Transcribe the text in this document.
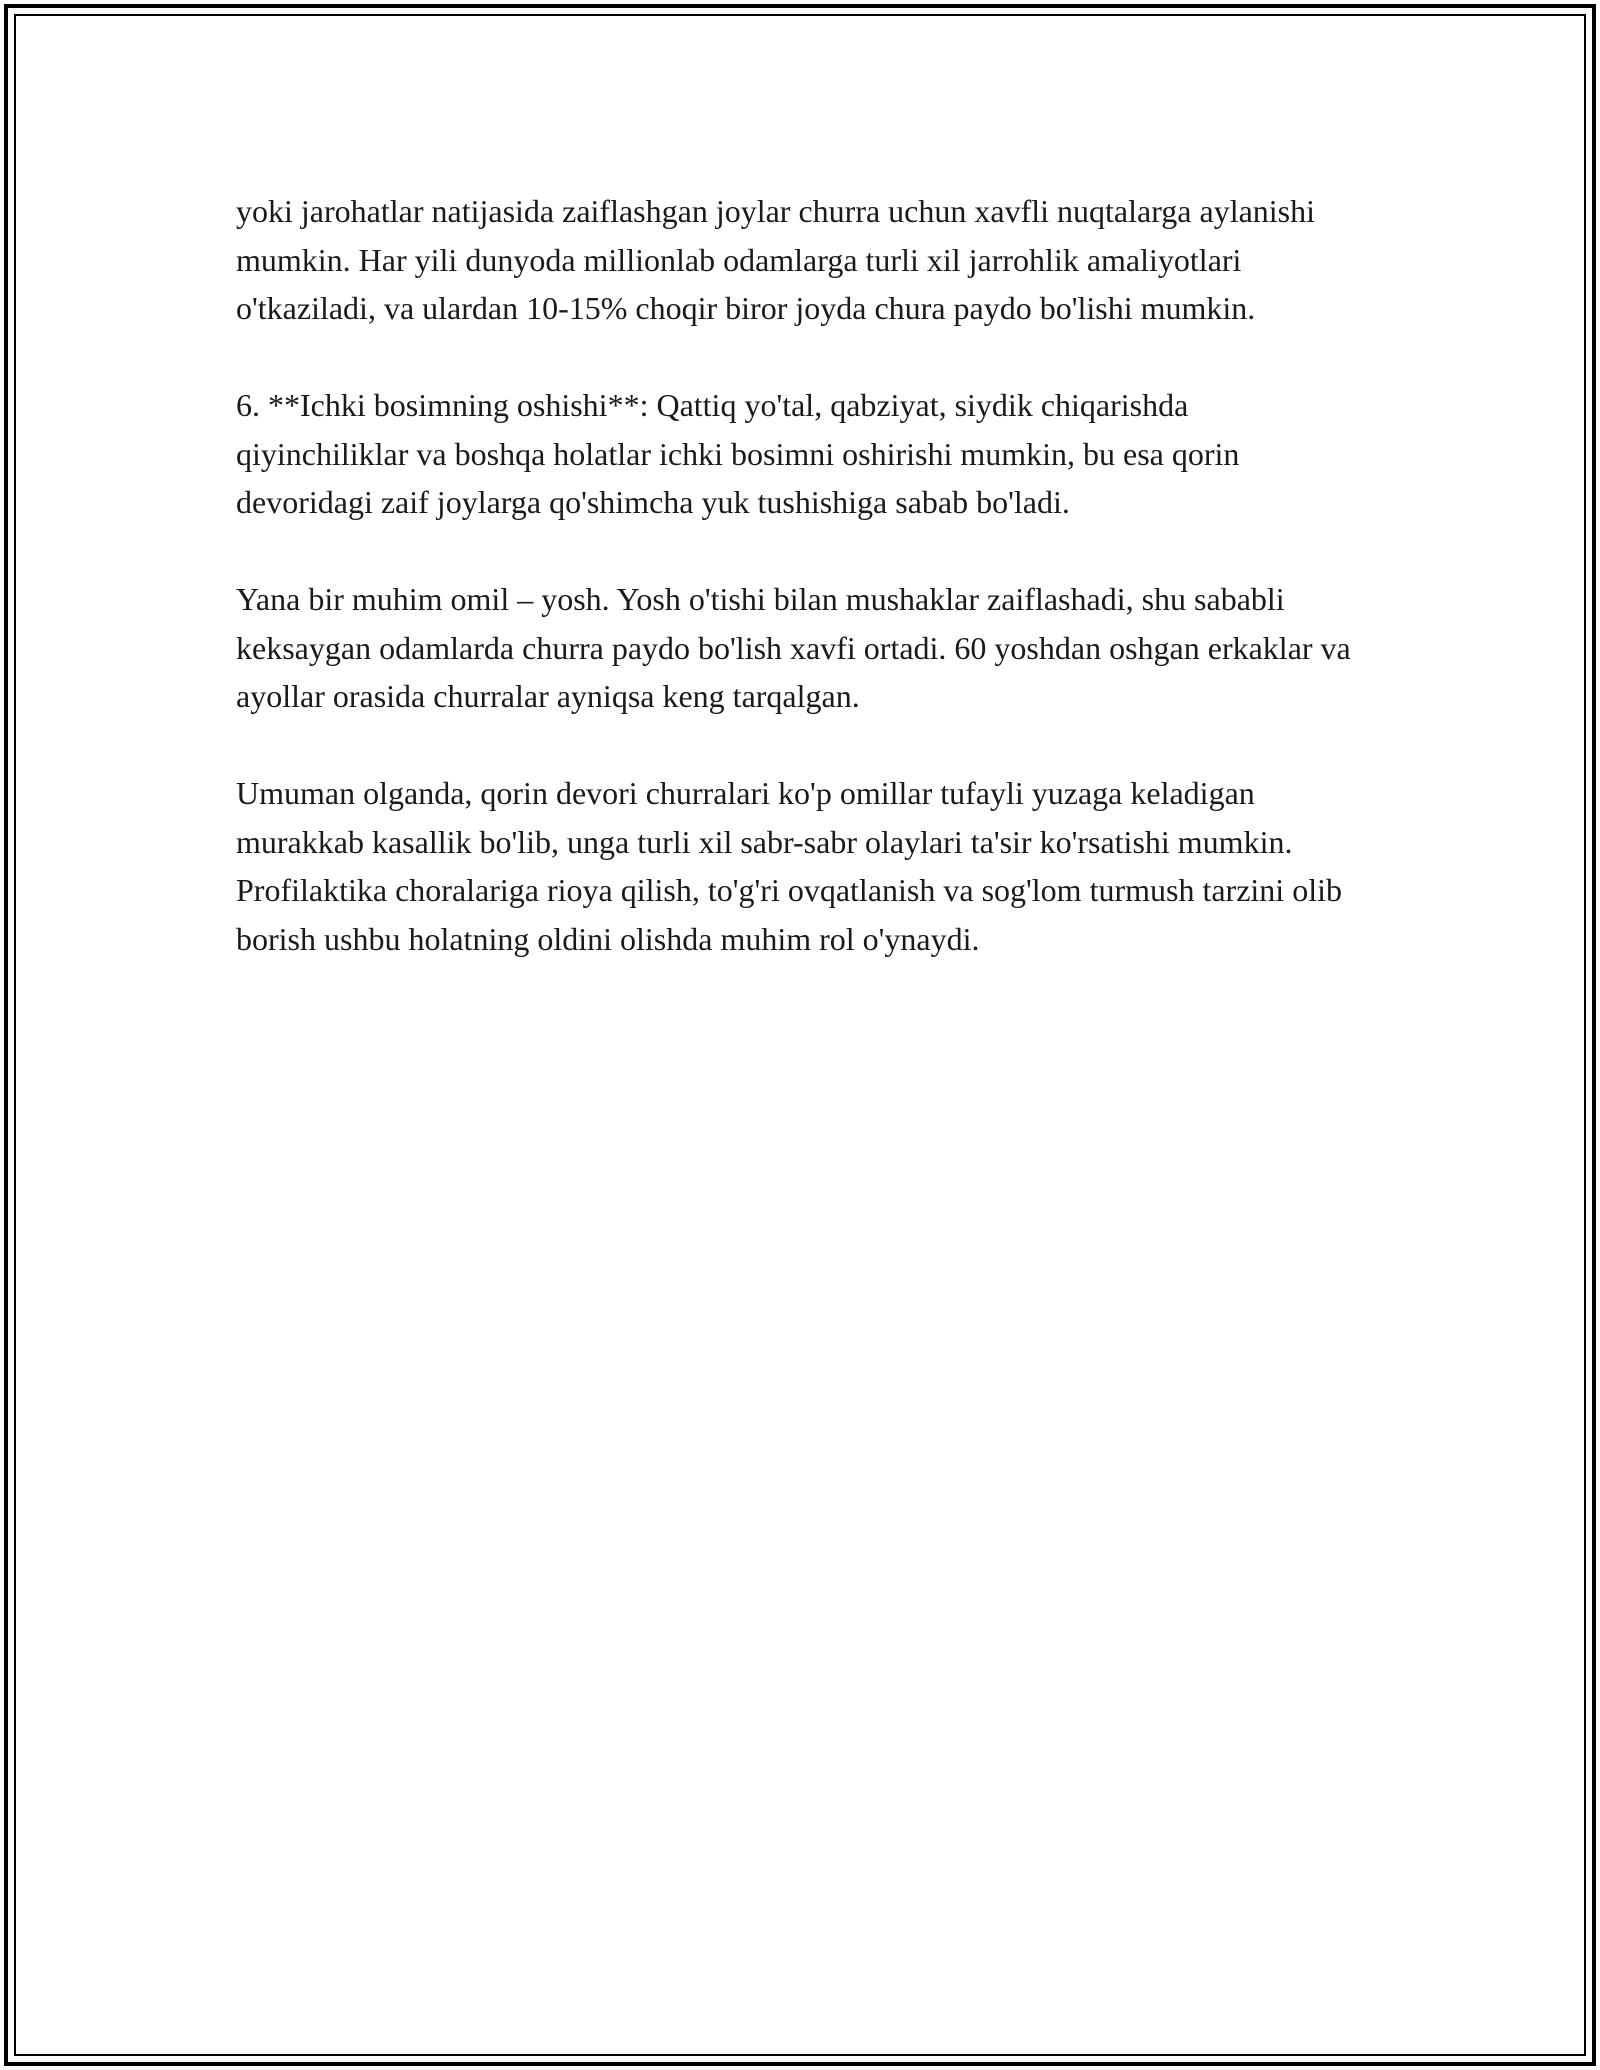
yoki jarohatlar natijasida zaiflashgan joylar churra uchun xavfli nuqtalarga aylanishi mumkin. Har yili dunyoda millionlab odamlarga turli xil jarrohlik amaliyotlari o'tkaziladi, va ulardan 10-15% choqir biror joyda chura paydo bo'lishi mumkin.

6. **Ichki bosimning oshishi**: Qattiq yo'tal, qabziyat, siydik chiqarishda qiyinchiliklar va boshqa holatlar ichki bosimni oshirishi mumkin, bu esa qorin devoridagi zaif joylarga qo'shimcha yuk tushishiga sabab bo'ladi.

Yana bir muhim omil – yosh. Yosh o'tishi bilan mushaklar zaiflashadi, shu sababli keksaygan odamlarda churra paydo bo'lish xavfi ortadi. 60 yoshdan oshgan erkaklar va ayollar orasida churralar ayniqsa keng tarqalgan.

Umuman olganda, qorin devori churralari ko'p omillar tufayli yuzaga keladigan murakkab kasallik bo'lib, unga turli xil sabr-sabr olaylari ta'sir ko'rsatishi mumkin. Profilaktika choralariga rioya qilish, to'g'ri ovqatlanish va sog'lom turmush tarzini olib borish ushbu holatning oldini olishda muhim rol o'ynaydi.
